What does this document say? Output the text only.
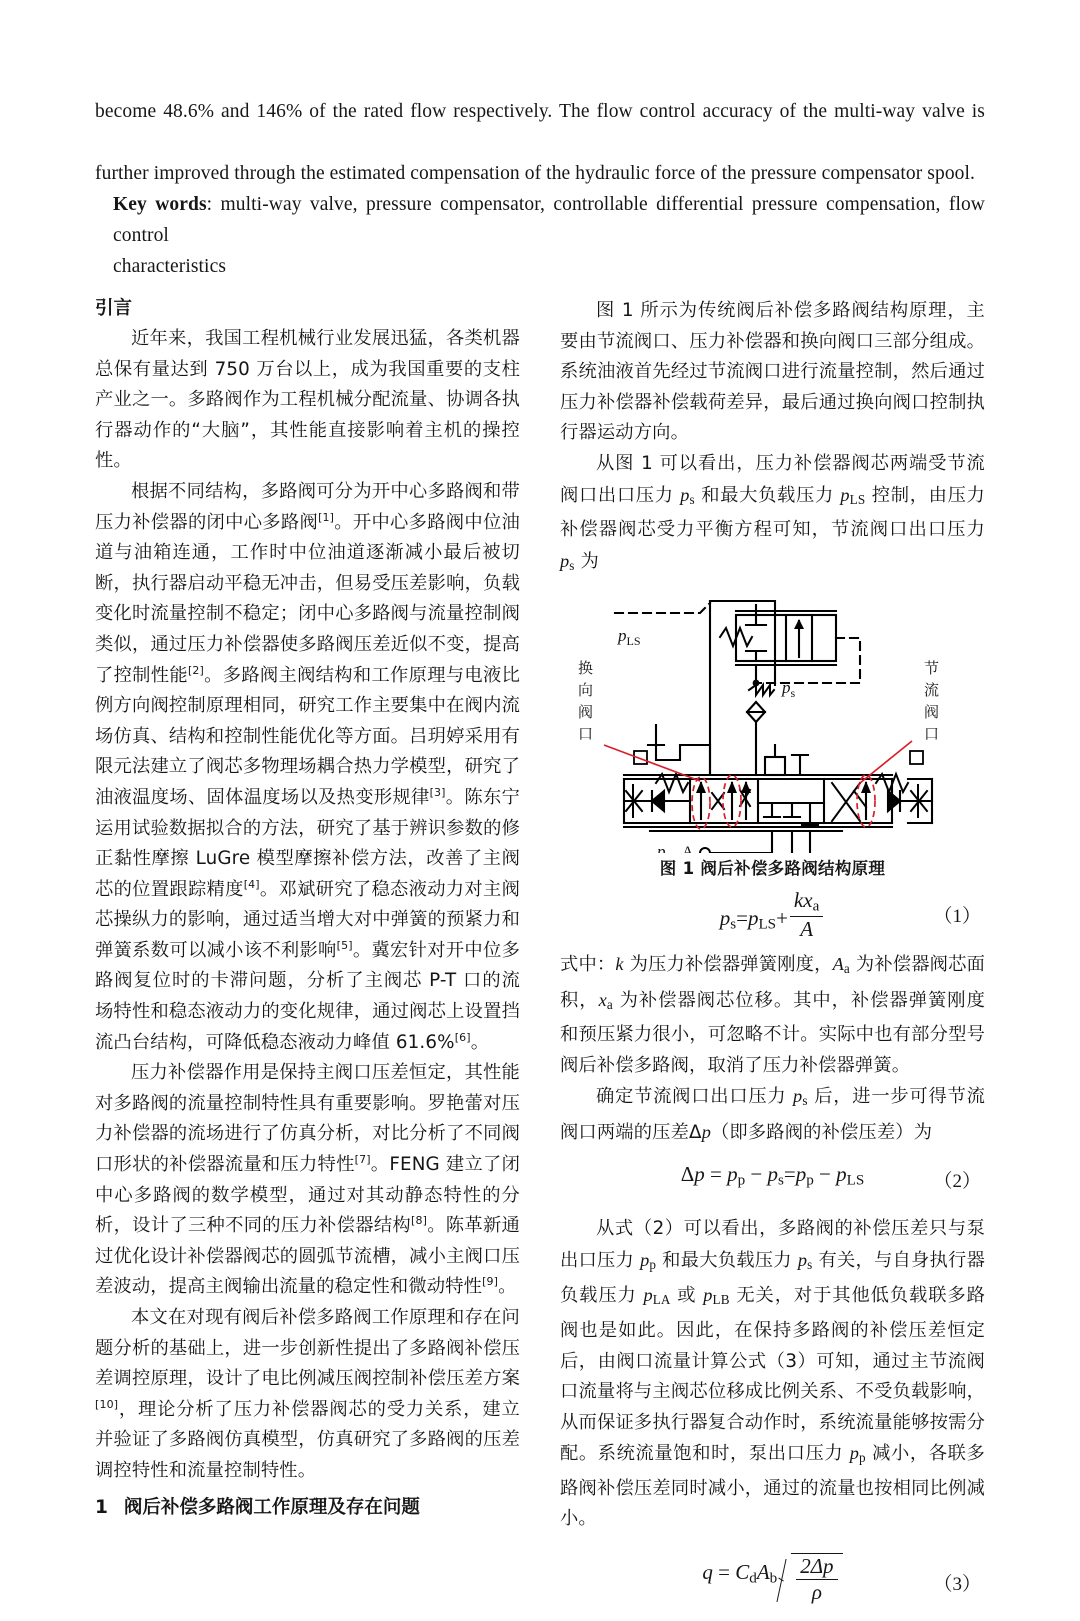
become 48.6% and 146% of the rated flow respectively. The flow control accuracy of the multi-way valve is

further improved through the estimated compensation of the hydraulic force of the pressure compensator spool.

Key words: multi-way valve, pressure compensator, controllable differential pressure compensation, flow control

characteristics

引言

近年来，我国工程机械行业发展迅猛，各类机器总保有量达到 750 万台以上，成为我国重要的支柱产业之一。多路阀作为工程机械分配流量、协调各执行器动作的“大脑”，其性能直接影响着主机的操控性。

根据不同结构，多路阀可分为开中心多路阀和带压力补偿器的闭中心多路阀[1]。开中心多路阀中位油道与油箱连通，工作时中位油道逐渐减小最后被切断，执行器启动平稳无冲击，但易受压差影响，负载变化时流量控制不稳定；闭中心多路阀与流量控制阀类似，通过压力补偿器使多路阀压差近似不变，提高了控制性能[2]。多路阀主阀结构和工作原理与电液比例方向阀控制原理相同，研究工作主要集中在阀内流场仿真、结构和控制性能优化等方面。吕玥婷采用有限元法建立了阀芯多物理场耦合热力学模型，研究了油液温度场、固体温度场以及热变形规律[3]。陈东宁运用试验数据拟合的方法，研究了基于辨识参数的修正黏性摩擦 LuGre 模型摩擦补偿方法，改善了主阀芯的位置跟踪精度[4]。邓斌研究了稳态液动力对主阀芯操纵力的影响，通过适当增大对中弹簧的预紧力和弹簧系数可以减小该不利影响[5]。冀宏针对开中位多路阀复位时的卡滞问题，分析了主阀芯 P-T 口的流场特性和稳态液动力的变化规律，通过阀芯上设置挡流凸台结构，可降低稳态液动力峰值 61.6%[6]。

压力补偿器作用是保持主阀口压差恒定，其性能对多路阀的流量控制特性具有重要影响。罗艳蕾对压力补偿器的流场进行了仿真分析，对比分析了不同阀口形状的补偿器流量和压力特性[7]。FENG 建立了闭中心多路阀的数学模型，通过对其动静态特性的分析，设计了三种不同的压力补偿器结构[8]。陈革新通过优化设计补偿器阀芯的圆弧节流槽，减小主阀口压差波动，提高主阀输出流量的稳定性和微动特性[9]。

本文在对现有阀后补偿多路阀工作原理和存在问题分析的基础上，进一步创新性提出了多路阀补偿压差调控原理，设计了电比例减压阀控制补偿压差方案[10]，理论分析了压力补偿器阀芯的受力关系，建立并验证了多路阀仿真模型，仿真研究了多路阀的压差调控特性和流量控制特性。

1 阀后补偿多路阀工作原理及存在问题

图 1 所示为传统阀后补偿多路阀结构原理，主要由节流阀口、压力补偿器和换向阀口三部分组成。系统油液首先经过节流阀口进行流量控制，然后通过压力补偿器补偿载荷差异，最后通过换向阀口控制执行器运动方向。

从图 1 可以看出，压力补偿器阀芯两端受节流阀口出口压力 $p_s$ 和最大负载压力 $p_{LS}$ 控制，由压力补偿器阀芯受力平衡方程可知，节流阀口出口压力 $p_s$ 为

$p_{LS}$
$p_s$
p	A
换
向
阀
口
节
流
阀
口

图 1 阀后补偿多路阀结构原理

$p_s=p_{LS}+ \frac{kx_a}{A}$	（1）

式中：k 为压力补偿器弹簧刚度，$A_a$ 为补偿器阀芯面积，$x_a$ 为补偿器阀芯位移。其中，补偿器弹簧刚度和预压紧力很小，可忽略不计。实际中也有部分型号阀后补偿多路阀，取消了压力补偿器弹簧。

确定节流阀口出口压力 $p_s$ 后，进一步可得节流阀口两端的压差Δp（即多路阀的补偿压差）为

$\Delta p = p_p - p_s=p_p - p_{LS}$	（2）

从式（2）可以看出，多路阀的补偿压差只与泵出口压力 $p_p$ 和最大负载压力 $p_s$ 有关，与自身执行器负载压力 $p_{LA}$ 或 $p_{LB}$ 无关，对于其他低负载联多路阀也是如此。因此，在保持多路阀的补偿压差恒定后，由阀口流量计算公式（3）可知，通过主节流阀口流量将与主阀芯位移成比例关系、不受负载影响，从而保证多执行器复合动作时，系统流量能够按需分配。系统流量饱和时，泵出口压力 $p_p$ 减小，各联多路阀补偿压差同时减小，通过的流量也按相同比例减小。

$q = C_dA_b \frac{2\Delta p}{\rho}$	（3）
